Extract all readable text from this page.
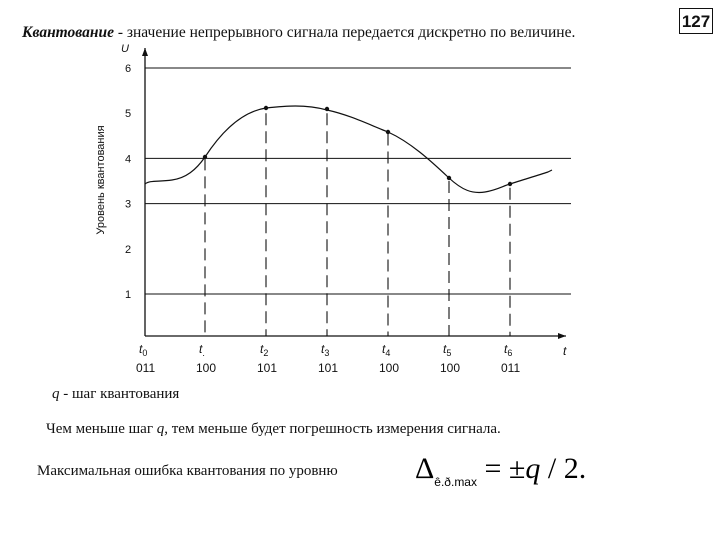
Квантование - значение непрерывного сигнала передается дискретно по величине.
127
U
t
Уровень квантования
1
2
3
4
5
6
$t_0$
011
$t_.$
100
$t_2$
101
$t_3$
101
$t_4$
100
$t_5$
100
$t_6$
011
q - шаг квантования
Чем меньше шаг q, тем меньше будет погрешность измерения сигнала.
Максимальная ошибка квантования по уровню	$\Delta_{ê.ð.max} = \pm q / 2$.
